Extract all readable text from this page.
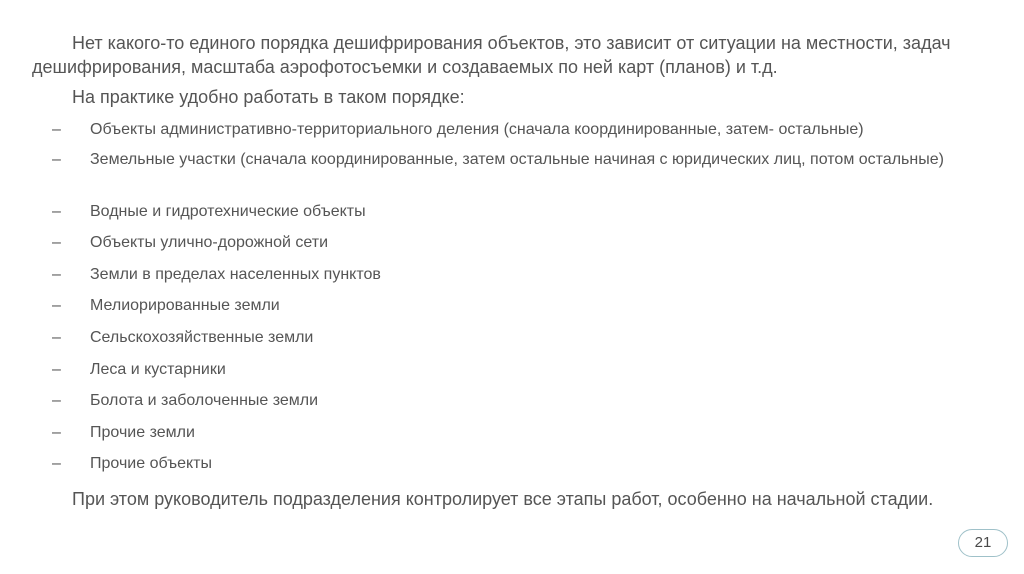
Нет какого-то единого порядка дешифрирования объектов, это зависит от ситуации на местности, задач дешифрирования, масштаба аэрофотосъемки и создаваемых по ней карт (планов) и т.д.

На практике удобно работать в таком порядке:

– Объекты административно-территориального деления (сначала координированные, затем- остальные)
– Земельные участки (сначала координированные, затем остальные начиная с юридических лиц, потом остальные)
– Водные и гидротехнические объекты
– Объекты улично-дорожной сети
– Земли в пределах населенных пунктов
– Мелиорированные земли
– Сельскохозяйственные земли
– Леса и кустарники
– Болота и заболоченные земли
– Прочие земли
– Прочие объекты

При этом руководитель подразделения контролирует все этапы работ, особенно на начальной стадии.

21
